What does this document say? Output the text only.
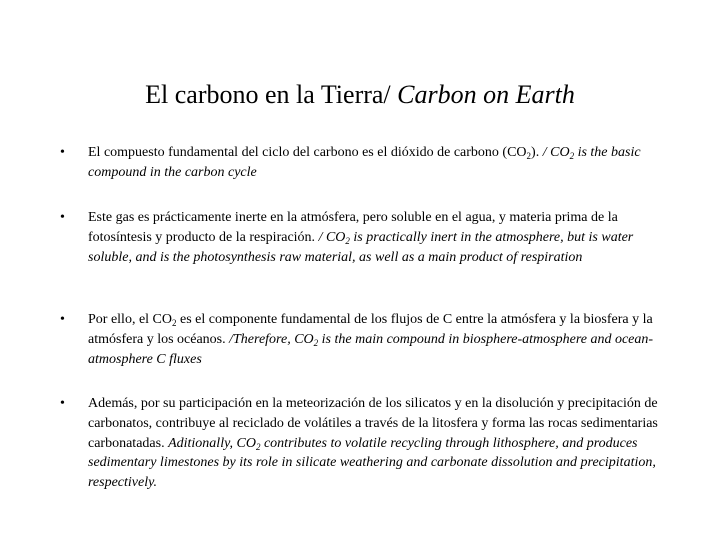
El carbono en la Tierra/ Carbon on Earth
• El compuesto fundamental del ciclo del carbono es el dióxido de carbono $(CO_2)$. / $CO_2$ is the basic compound in the carbon cycle
• Este gas es prácticamente inerte en la atmósfera, pero soluble en el agua, y materia prima de la fotosíntesis y producto de la respiración. / $CO_2$ is practically inert in the atmosphere, but is water soluble, and is the photosynthesis raw material, as well as a main product of respiration
• Por ello, el $CO_2$ es el componente fundamental de los flujos de C entre la atmósfera y la biosfera y la atmósfera y los océanos. /Therefore, $CO_2$ is the main compound in biosphere-atmosphere and ocean-atmosphere C fluxes
• Además, por su participación en la meteorización de los silicatos y en la disolución y precipitación de carbonatos, contribuye al reciclado de volátiles a través de la litosfera y forma las rocas sedimentarias carbonatadas. Aditionally, $CO_2$ contributes to volatile recycling through lithosphere, and produces sedimentary limestones by its role in silicate weathering and carbonate dissolution and precipitation, respectively.
